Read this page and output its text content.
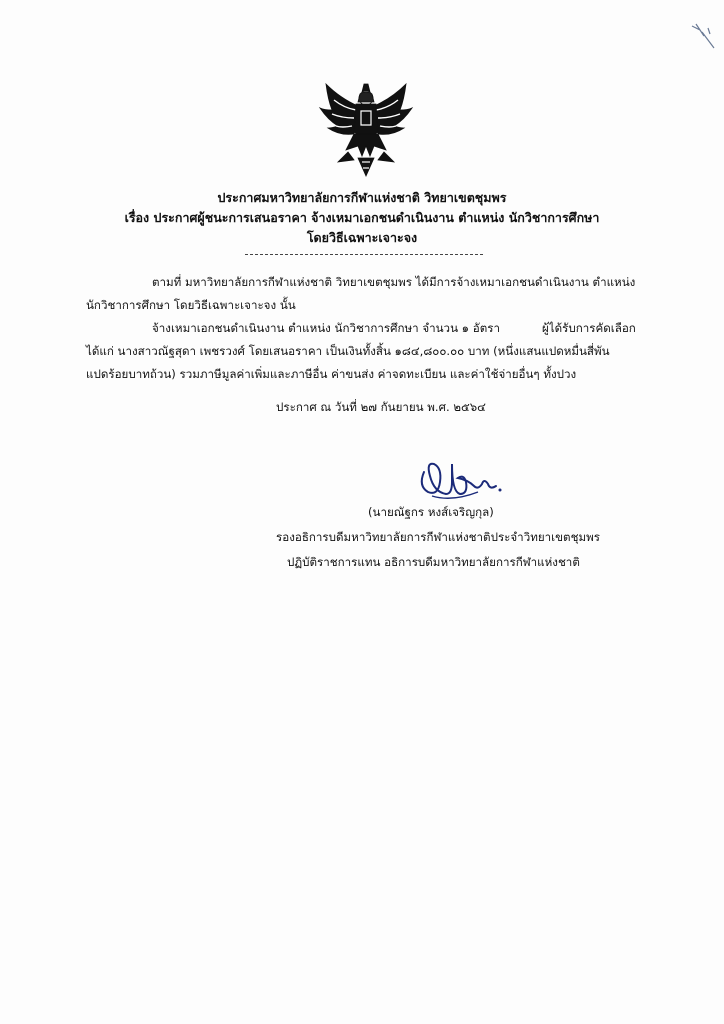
ประกาศมหาวิทยาลัยการกีฬาแห่งชาติ วิทยาเขตชุมพร
เรื่อง ประกาศผู้ชนะการเสนอราคา จ้างเหมาเอกชนดำเนินงาน ตำแหน่ง นักวิชาการศึกษา
โดยวิธีเฉพาะเจาะจง
ตามที่ มหาวิทยาลัยการกีฬาแห่งชาติ วิทยาเขตชุมพร ได้มีการจ้างเหมาเอกชนดำเนินงาน ตำแหน่ง
นักวิชาการศึกษา โดยวิธีเฉพาะเจาะจง นั้น
จ้างเหมาเอกชนดำเนินงาน ตำแหน่ง นักวิชาการศึกษา จำนวน ๑ อัตรา	ผู้ได้รับการคัดเลือก
ได้แก่ นางสาวณัฐสุดา เพชรวงศ์ โดยเสนอราคา เป็นเงินทั้งสิ้น ๑๘๔,๘๐๐.๐๐ บาท (หนึ่งแสนแปดหมื่นสี่พัน
แปดร้อยบาทถ้วน) รวมภาษีมูลค่าเพิ่มและภาษีอื่น ค่าขนส่ง ค่าจดทะเบียน และค่าใช้จ่ายอื่นๆ ทั้งปวง
ประกาศ ณ วันที่ ๒๗ กันยายน พ.ศ. ๒๕๖๔
(นายณัฐกร หงส์เจริญกุล)
รองอธิการบดีมหาวิทยาลัยการกีฬาแห่งชาติประจำวิทยาเขตชุมพร
ปฏิบัติราชการแทน อธิการบดีมหาวิทยาลัยการกีฬาแห่งชาติ
